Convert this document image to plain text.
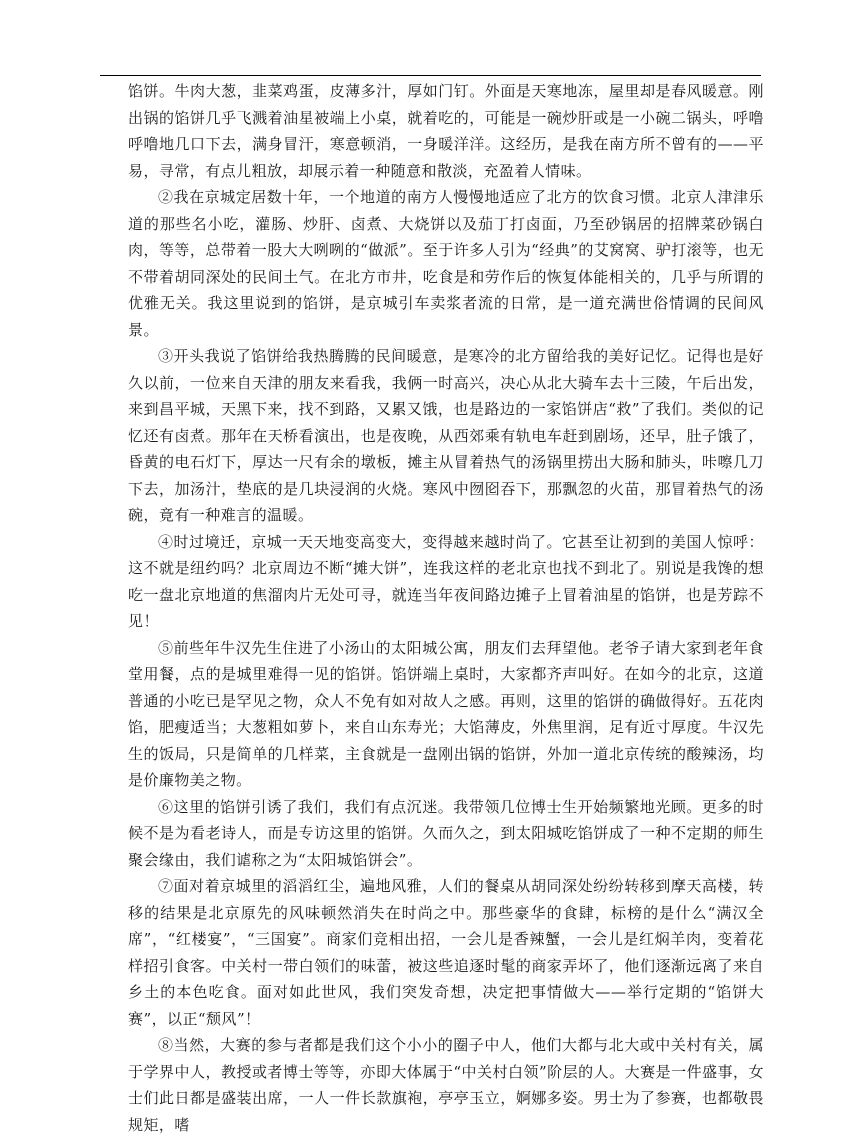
馅饼。牛肉大葱，韭菜鸡蛋，皮薄多汁，厚如门钉。外面是天寒地冻，屋里却是春风暖意。刚出锅的馅饼几乎飞溅着油星被端上小桌，就着吃的，可能是一碗炒肝或是一小碗二锅头，呼噜呼噜地几口下去，满身冒汗，寒意顿消，一身暖洋洋。这经历，是我在南方所不曾有的——平易，寻常，有点儿粗放，却展示着一种随意和散淡，充盈着人情味。

②我在京城定居数十年，一个地道的南方人慢慢地适应了北方的饮食习惯。北京人津津乐道的那些名小吃，灌肠、炒肝、卤煮、大烧饼以及茄丁打卤面，乃至砂锅居的招牌菜砂锅白肉，等等，总带着一股大大咧咧的“做派”。至于许多人引为“经典”的艾窝窝、驴打滚等，也无不带着胡同深处的民间土气。在北方市井，吃食是和劳作后的恢复体能相关的，几乎与所谓的优雅无关。我这里说到的馅饼，是京城引车卖浆者流的日常，是一道充满世俗情调的民间风景。

③开头我说了馅饼给我热腾腾的民间暖意，是寒冷的北方留给我的美好记忆。记得也是好久以前，一位来自天津的朋友来看我，我俩一时高兴，决心从北大骑车去十三陵，午后出发，来到昌平城，天黑下来，找不到路，又累又饿，也是路边的一家馅饼店“救”了我们。类似的记忆还有卤煮。那年在天桥看演出，也是夜晚，从西郊乘有轨电车赶到剧场，还早，肚子饿了，昏黄的电石灯下，厚达一尺有余的墩板，摊主从冒着热气的汤锅里捞出大肠和肺头，咔嚓几刀下去，加汤汁，垫底的是几块浸润的火烧。寒风中囫囵吞下，那飘忽的火苗，那冒着热气的汤碗，竟有一种难言的温暖。

④时过境迁，京城一天天地变高变大，变得越来越时尚了。它甚至让初到的美国人惊呼：这不就是纽约吗？北京周边不断“摊大饼”，连我这样的老北京也找不到北了。别说是我馋的想吃一盘北京地道的焦溜肉片无处可寻，就连当年夜间路边摊子上冒着油星的馅饼，也是芳踪不见！

⑤前些年牛汉先生住进了小汤山的太阳城公寓，朋友们去拜望他。老爷子请大家到老年食堂用餐，点的是城里难得一见的馅饼。馅饼端上桌时，大家都齐声叫好。在如今的北京，这道普通的小吃已是罕见之物，众人不免有如对故人之感。再则，这里的馅饼的确做得好。五花肉馅，肥瘦适当；大葱粗如萝卜，来自山东寿光；大馅薄皮，外焦里润，足有近寸厚度。牛汉先生的饭局，只是简单的几样菜，主食就是一盘刚出锅的馅饼，外加一道北京传统的酸辣汤，均是价廉物美之物。

⑥这里的馅饼引诱了我们，我们有点沉迷。我带领几位博士生开始频繁地光顾。更多的时候不是为看老诗人，而是专访这里的馅饼。久而久之，到太阳城吃馅饼成了一种不定期的师生聚会缘由，我们谑称之为“太阳城馅饼会”。

⑦面对着京城里的滔滔红尘，遍地风雅，人们的餐桌从胡同深处纷纷转移到摩天高楼，转移的结果是北京原先的风味顿然消失在时尚之中。那些豪华的食肆，标榜的是什么“满汉全席”，“红楼宴”，“三国宴”。商家们竞相出招，一会儿是香辣蟹，一会儿是红焖羊肉，变着花样招引食客。中关村一带白领们的味蕾，被这些追逐时髦的商家弄坏了，他们逐渐远离了来自乡土的本色吃食。面对如此世风，我们突发奇想，决定把事情做大——举行定期的“馅饼大赛”，以正“颓风”！

⑧当然，大赛的参与者都是我们这个小小的圈子中人，他们大都与北大或中关村有关，属于学界中人，教授或者博士等等，亦即大体属于“中关村白领”阶层的人。大赛是一件盛事，女士们此日都是盛装出席，一人一件长款旗袍，亭亭玉立，婀娜多姿。男士为了参赛，也都敬畏规矩，嗜
